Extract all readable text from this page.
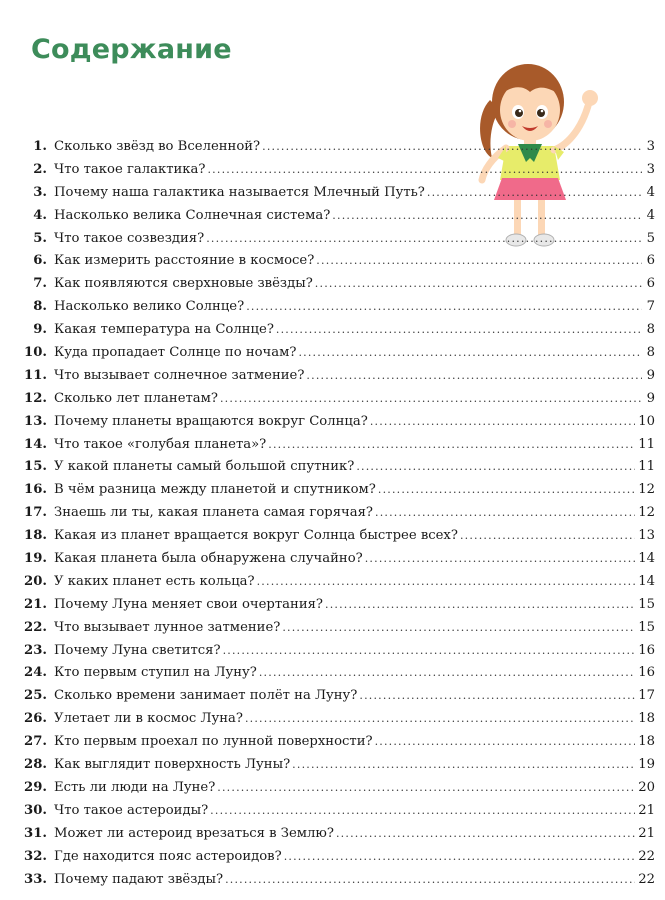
Содержание
1. Сколько звёзд во Вселенной? .....	3
2. Что такое галактика? .....	3
3. Почему наша галактика называется Млечный Путь? .....	4
4. Насколько велика Солнечная система? .....	4
5. Что такое созвездия? .....	5
6. Как измерить расстояние в космосе? .....	6
7. Как появляются сверхновые звёзды? .....	6
8. Насколько велико Солнце? .....	7
9. Какая температура на Солнце? .....	8
10. Куда пропадает Солнце по ночам? .....	8
11. Что вызывает солнечное затмение? .....	9
12. Сколько лет планетам? .....	9
13. Почему планеты вращаются вокруг Солнца? .....	10
14. Что такое «голубая планета»? .....	11
15. У какой планеты самый большой спутник? .....	11
16. В чём разница между планетой и спутником? .....	12
17. Знаешь ли ты, какая планета самая горячая? .....	12
18. Какая из планет вращается вокруг Солнца быстрее всех? .....	13
19. Какая планета была обнаружена случайно? .....	14
20. У каких планет есть кольца? .....	14
21. Почему Луна меняет свои очертания? .....	15
22. Что вызывает лунное затмение? .....	15
23. Почему Луна светится? .....	16
24. Кто первым ступил на Луну? .....	16
25. Сколько времени занимает полёт на Луну? .....	17
26. Улетает ли в космос Луна? .....	18
27. Кто первым проехал по лунной поверхности? .....	18
28. Как выглядит поверхность Луны? .....	19
29. Есть ли люди на Луне? .....	20
30. Что такое астероиды? .....	21
31. Может ли астероид врезаться в Землю? .....	21
32. Где находится пояс астероидов? .....	22
33. Почему падают звёзды? .....	22
